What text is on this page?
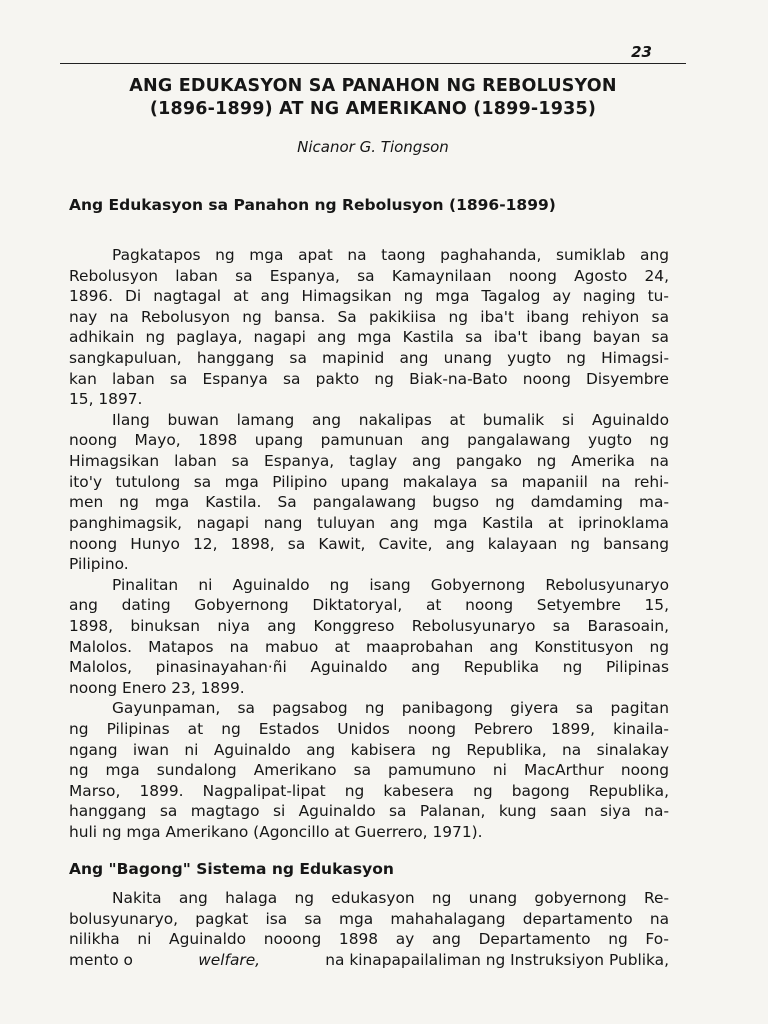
23
ANG EDUKASYON SA PANAHON NG REBOLUSYON
(1896-1899) AT NG AMERIKANO (1899-1935)
Nicanor G. Tiongson
Ang Edukasyon sa Panahon ng Rebolusyon (1896-1899)
Pagkatapos ng mga apat na taong paghahanda, sumiklab ang
Rebolusyon laban sa Espanya, sa Kamaynilaan noong Agosto 24,
1896. Di nagtagal at ang Himagsikan ng mga Tagalog ay naging tu-
nay na Rebolusyon ng bansa. Sa pakikiisa ng iba't ibang rehiyon sa
adhikain ng paglaya, nagapi ang mga Kastila sa iba't ibang bayan sa
sangkapuluan, hanggang sa mapinid ang unang yugto ng Himagsi-
kan laban sa Espanya sa pakto ng Biak-na-Bato noong Disyembre
15, 1897.
Ilang buwan lamang ang nakalipas at bumalik si Aguinaldo
noong Mayo, 1898 upang pamunuan ang pangalawang yugto ng
Himagsikan laban sa Espanya, taglay ang pangako ng Amerika na
ito'y tutulong sa mga Pilipino upang makalaya sa mapaniil na rehi-
men ng mga Kastila. Sa pangalawang bugso ng damdaming ma-
panghimagsik, nagapi nang tuluyan ang mga Kastila at iprinoklama
noong Hunyo 12, 1898, sa Kawit, Cavite, ang kalayaan ng bansang
Pilipino.
Pinalitan ni Aguinaldo ng isang Gobyernong Rebolusyunaryo
ang dating Gobyernong Diktatoryal, at noong Setyembre 15,
1898, binuksan niya ang Konggreso Rebolusyunaryo sa Barasoain,
Malolos. Matapos na mabuo at maaprobahan ang Konstitusyon ng
Malolos, pinasinayahan·ñi Aguinaldo ang Republika ng Pilipinas
noong Enero 23, 1899.
Gayunpaman, sa pagsabog ng panibagong giyera sa pagitan
ng Pilipinas at ng Estados Unidos noong Pebrero 1899, kinaila-
ngang iwan ni Aguinaldo ang kabisera ng Republika, na sinalakay
ng mga sundalong Amerikano sa pamumuno ni MacArthur noong
Marso, 1899. Nagpalipat-lipat ng kabesera ng bagong Republika,
hanggang sa magtago si Aguinaldo sa Palanan, kung saan siya na-
huli ng mga Amerikano (Agoncillo at Guerrero, 1971).
Ang "Bagong" Sistema ng Edukasyon
Nakita ang halaga ng edukasyon ng unang gobyernong Re-
bolusyunaryo, pagkat isa sa mga mahahalagang departamento na
nilikha ni Aguinaldo nooong 1898 ay ang Departamento ng Fo-
mento o	welfare,	na kinapapailaliman ng Instruksiyon Publika,
